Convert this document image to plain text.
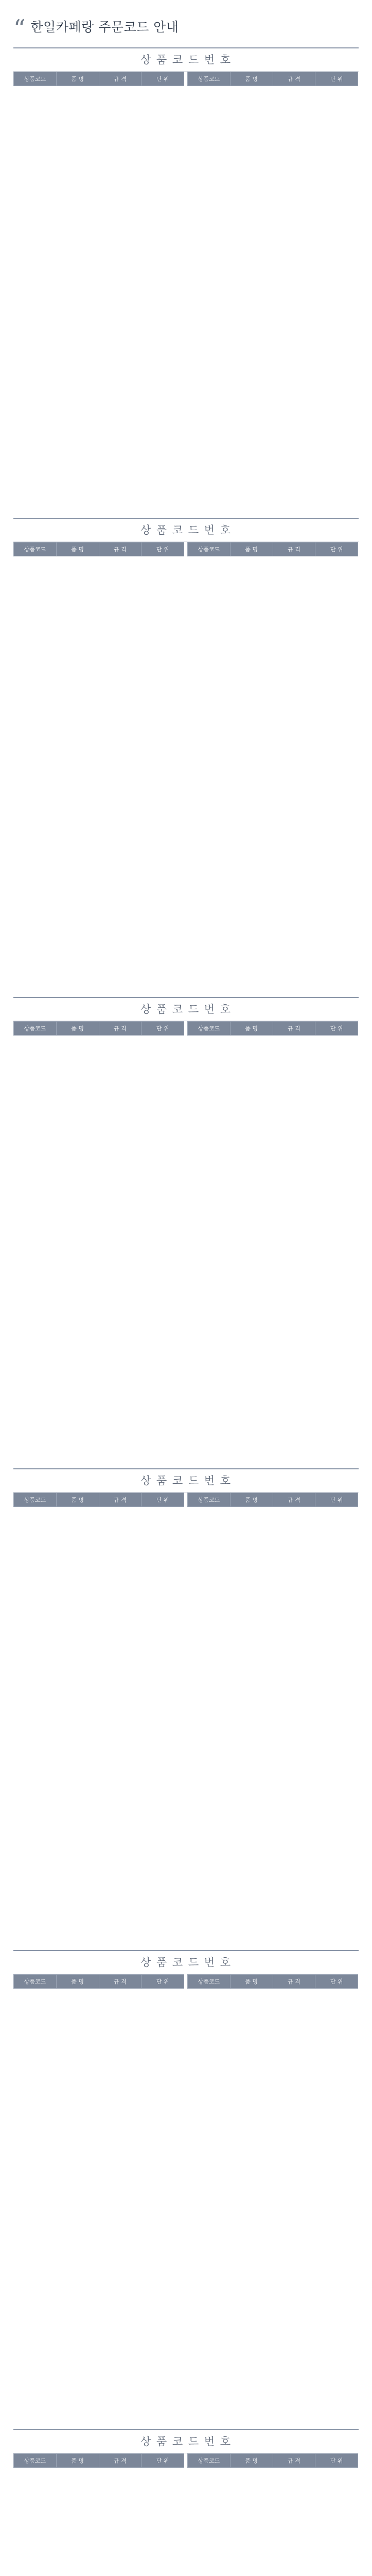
“ 한일카페랑 주문코드 안내
상 품 코 드 번 호
상품코드	품 명	규 격	단 위	상품코드	품 명	규 격	단 위
상 품 코 드 번 호
상품코드	품 명	규 격	단 위	상품코드	품 명	규 격	단 위
상 품 코 드 번 호
상품코드	품 명	규 격	단 위	상품코드	품 명	규 격	단 위
상 품 코 드 번 호
상품코드	품 명	규 격	단 위	상품코드	품 명	규 격	단 위
상 품 코 드 번 호
상품코드	품 명	규 격	단 위	상품코드	품 명	규 격	단 위
상 품 코 드 번 호
상품코드	품 명	규 격	단 위	상품코드	품 명	규 격	단 위
